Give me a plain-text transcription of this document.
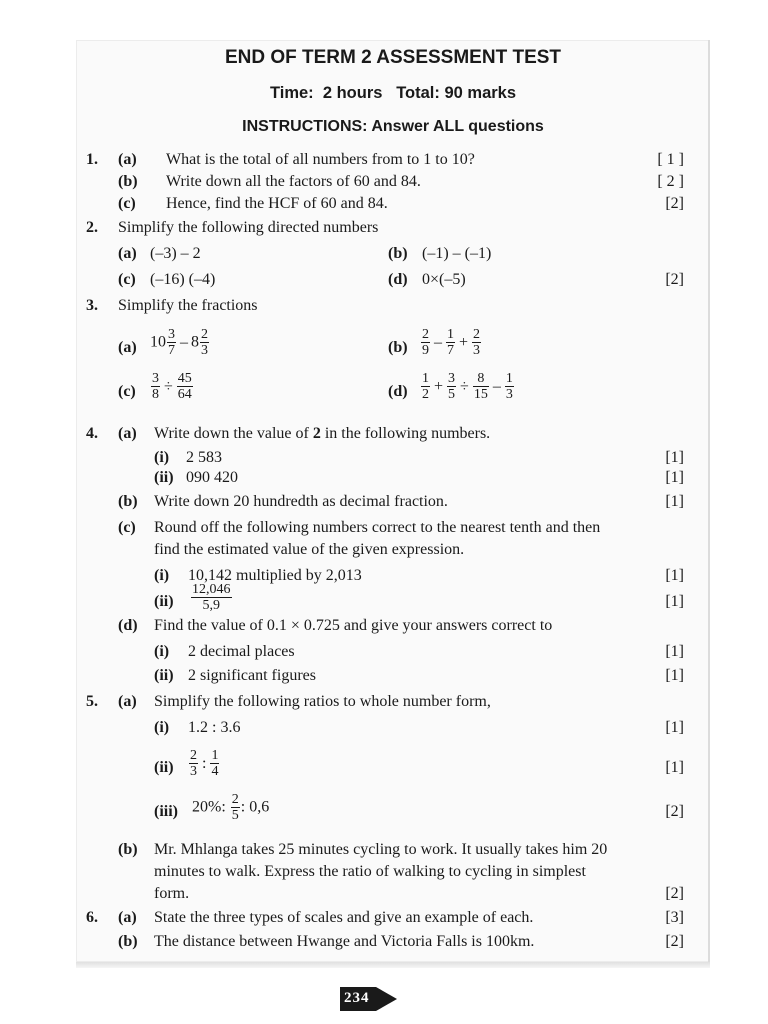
END OF TERM 2 ASSESSMENT TEST
Time:  2 hours   Total: 90 marks
INSTRUCTIONS: Answer ALL questions
1. (a) What is the total of all numbers from to 1 to 10?	[ 1 ]
(b) Write down all the factors of 60 and 84.	[ 2 ]
(c) Hence, find the HCF of 60 and 84.	[2]
2. Simplify the following directed numbers
(a) (–3) – 2	(b) (–1) – (–1)
(c) (–16) (–4)	(d) 0×(–5)	[2]
3. Simplify the fractions
(a) $10 \frac{3}{7} - 8 \frac{2}{3}$	$(b) \frac{2}{9} - \frac{1}{7} + \frac{2}{3}$
$(c) \frac{3}{8} \div \frac{45}{64}$	$(d) \frac{1}{2} + \frac{3}{5} \div \frac{8}{15} - \frac{1}{3}$
4. (a) Write down the value of 2 in the following numbers.
(i) 2 583	[1]
(ii) 090 420	[1]
(b) Write down 20 hundredth as decimal fraction.	[1]
(c) Round off the following numbers correct to the nearest tenth and then
find the estimated value of the given expression.
(i) 10,142 multiplied by 2,013	[1]
$(ii) \frac{12,046}{5,9}$	[1]
(d) Find the value of 0.1 × 0.725 and give your answers correct to
(i) 2 decimal places	[1]
(ii) 2 significant figures	[1]
5. (a) Simplify the following ratios to whole number form,
(i) 1.2 : 3.6	[1]
$(ii) \frac{2}{3}$ : $\frac{1}{4}$	[1]
(iii) 20%: $\frac{2}{5}$ : 0,6	[2]
(b) Mr. Mhlanga takes 25 minutes cycling to work. It usually takes him 20
minutes to walk. Express the ratio of walking to cycling in simplest
form.	[2]
6. (a) State the three types of scales and give an example of each.	[3]
(b) The distance between Hwange and Victoria Falls is 100km.	[2]
234
